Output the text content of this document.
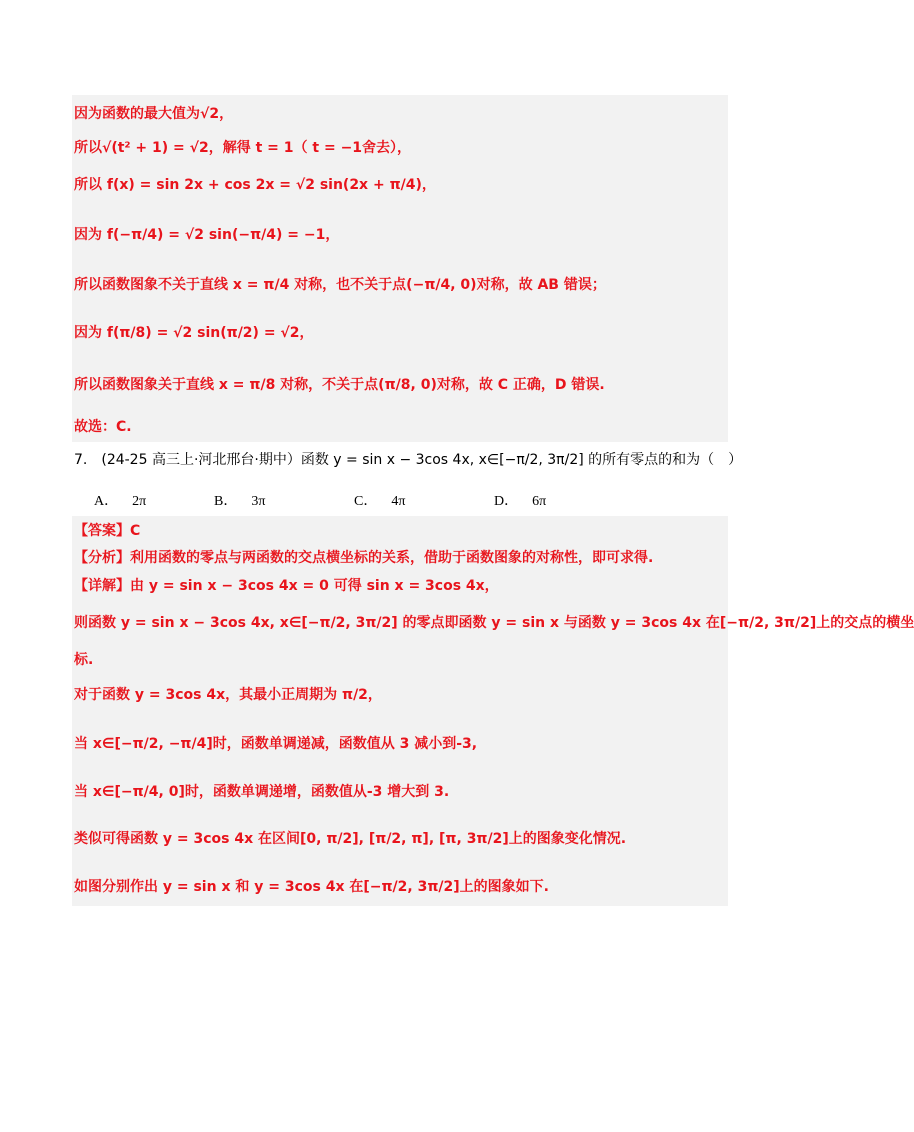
因为函数的最大值为√2，
所以√(t² + 1) = √2，解得 t = 1（ t = −1舍去），
所以 f(x) = sin 2x + cos 2x = √2 sin(2x + π/4)，
因为 f(−π/4) = √2 sin(−π/4) = −1，
所以函数图象不关于直线 x = π/4 对称，也不关于点(−π/4, 0)对称，故 AB 错误；
因为 f(π/8) = √2 sin(π/2) = √2，
所以函数图象关于直线 x = π/8 对称，不关于点(π/8, 0)对称，故 C 正确，D 错误.
故选：C.
7.　(24-25 高三上·河北邢台·期中）函数 y = sin x − 3cos 4x, x∈[−π/2, 3π/2] 的所有零点的和为（　）
A． 2π	B． 3π	C． 4π	D． 6π
【答案】C
【分析】利用函数的零点与两函数的交点横坐标的关系，借助于函数图象的对称性，即可求得.
【详解】由 y = sin x − 3cos 4x = 0 可得 sin x = 3cos 4x，
则函数 y = sin x − 3cos 4x, x∈[−π/2, 3π/2] 的零点即函数 y = sin x 与函数 y = 3cos 4x 在[−π/2, 3π/2]上的交点的横坐
标.
对于函数 y = 3cos 4x，其最小正周期为 π/2，
当 x∈[−π/2, −π/4]时，函数单调递减，函数值从 3 减小到-3,
当 x∈[−π/4, 0]时，函数单调递增，函数值从-3 增大到 3.
类似可得函数 y = 3cos 4x 在区间[0, π/2], [π/2, π], [π, 3π/2]上的图象变化情况.
如图分别作出 y = sin x 和 y = 3cos 4x 在[−π/2, 3π/2]上的图象如下.
